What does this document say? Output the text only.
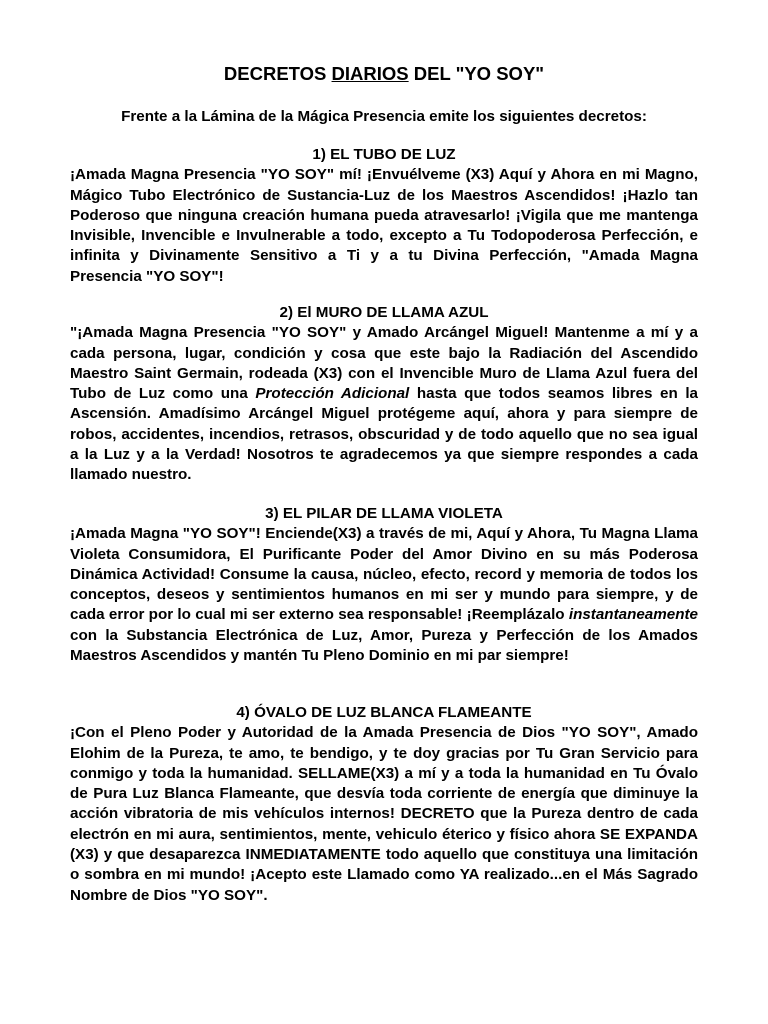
DECRETOS DIARIOS DEL "YO SOY"
Frente a la Lámina de la Mágica Presencia emite los siguientes decretos:
1) EL TUBO DE LUZ
¡Amada Magna Presencia "YO SOY" mí! ¡Envuélveme (X3) Aquí y Ahora en mi Magno, Mágico Tubo Electrónico de Sustancia-Luz de los Maestros Ascendidos! ¡Hazlo tan Poderoso que ninguna creación humana pueda atravesarlo! ¡Vigila que me mantenga Invisible, Invencible e Invulnerable a todo, excepto a Tu Todopoderosa Perfección, e infinita y Divinamente Sensitivo a Ti y a tu Divina Perfección, "Amada Magna Presencia "YO SOY"!
2) El MURO DE LLAMA AZUL
"¡Amada Magna Presencia "YO SOY" y Amado Arcángel Miguel! Mantenme a mí y a cada persona, lugar, condición y cosa que este bajo la Radiación del Ascendido Maestro Saint Germain, rodeada (X3) con el Invencible Muro de Llama Azul fuera del Tubo de Luz como una Protección Adicional hasta que todos seamos libres en la Ascensión. Amadísimo Arcángel Miguel protégeme aquí, ahora y para siempre de robos, accidentes, incendios, retrasos, obscuridad y de todo aquello que no sea igual a la Luz y a la Verdad! Nosotros te agradecemos ya que siempre respondes a cada llamado nuestro.
3) EL PILAR DE LLAMA VIOLETA
¡Amada Magna "YO SOY"! Enciende(X3) a través de mi, Aquí y Ahora, Tu Magna Llama Violeta Consumidora, El Purificante Poder del Amor Divino en su más Poderosa Dinámica Actividad! Consume la causa, núcleo, efecto, record y memoria de todos los conceptos, deseos y sentimientos humanos en mi ser y mundo para siempre, y de cada error por lo cual mi ser externo sea responsable! ¡Reemplázalo instantaneamente con la Substancia Electrónica de Luz, Amor, Pureza y Perfección de los Amados Maestros Ascendidos y mantén Tu Pleno Dominio en mi par siempre!
4) ÓVALO DE LUZ BLANCA FLAMEANTE
¡Con el Pleno Poder y Autoridad de la Amada Presencia de Dios "YO SOY", Amado Elohim de la Pureza, te amo, te bendigo, y te doy gracias por Tu Gran Servicio para conmigo y toda la humanidad. SELLAME(X3) a mí y a toda la humanidad en Tu Óvalo de Pura Luz Blanca Flameante, que desvía toda corriente de energía que diminuye la acción vibratoria de mis vehículos internos! DECRETO que la Pureza dentro de cada electrón en mi aura, sentimientos, mente, vehiculo éterico y físico ahora SE EXPANDA (X3) y que desaparezca INMEDIATAMENTE todo aquello que constituya una limitación o sombra en mi mundo! ¡Acepto este Llamado como YA realizado...en el Más Sagrado Nombre de Dios "YO SOY".
